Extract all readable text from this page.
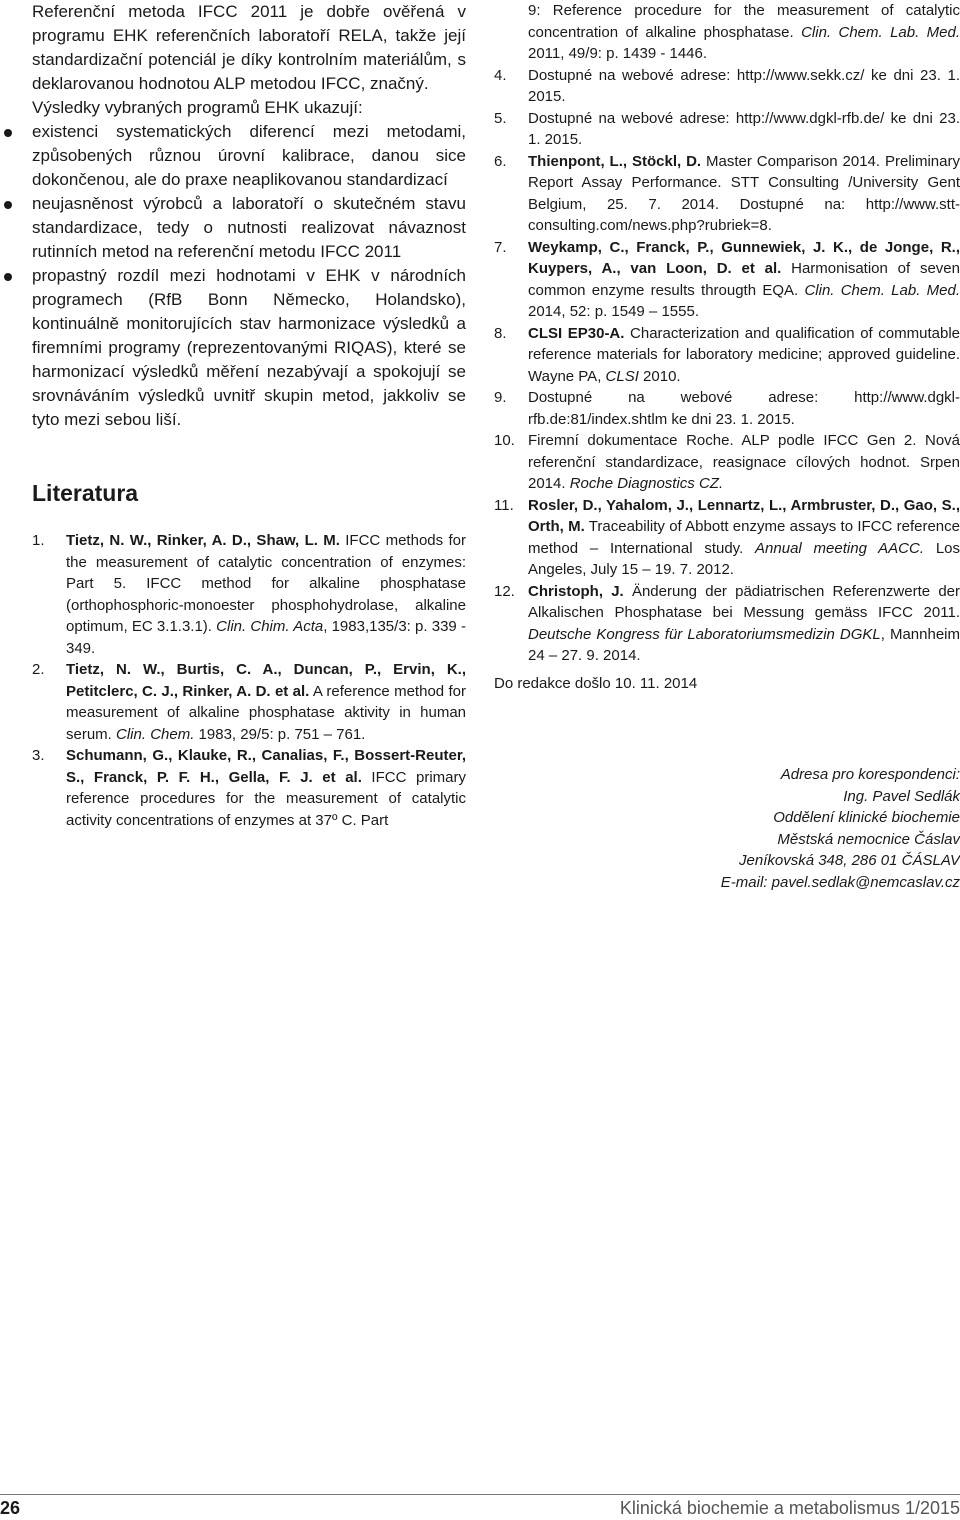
Referenční metoda IFCC 2011 je dobře ověřená v programu EHK referenčních laboratoří RELA, takže její standardizační potenciál je díky kontrolním materiálům, s deklarovanou hodnotou ALP metodou IFCC, značný.

Výsledky vybraných programů EHK ukazují:

existenci systematických diferencí mezi metodami, způsobených různou úrovní kalibrace, danou sice dokončenou, ale do praxe neaplikovanou standardizací
neujasněnost výrobců a laboratoří o skutečném stavu standardizace, tedy o nutnosti realizovat návaznost rutinních metod na referenční metodu IFCC 2011
propastný rozdíl mezi hodnotami v EHK v národních programech (RfB Bonn Německo, Holandsko), kontinuálně monitorujících stav harmonizace výsledků a firemními programy (reprezentovanými RIQAS), které se harmonizací výsledků měření nezabývají a spokojují se srovnáváním výsledků uvnitř skupin metod, jakkoliv se tyto mezi sebou liší.
Literatura
1. Tietz, N. W., Rinker, A. D., Shaw, L. M. IFCC methods for the measurement of catalytic concentration of enzymes: Part 5. IFCC method for alkaline phosphatase (orthophosphoric-monoester phosphohydrolase, alkaline optimum, EC 3.1.3.1). Clin. Chim. Acta, 1983,135/3: p. 339 - 349.
2. Tietz, N. W., Burtis, C. A., Duncan, P., Ervin, K., Petitclerc, C. J., Rinker, A. D. et al. A reference method for measurement of alkaline phosphatase aktivity in human serum. Clin. Chem. 1983, 29/5: p. 751 – 761.
3. Schumann, G., Klauke, R., Canalias, F., Bossert-Reuter, S., Franck, P. F. H., Gella, F. J. et al. IFCC primary reference procedures for the measurement of catalytic activity concentrations of enzymes at 37º C. Part

9: Reference procedure for the measurement of catalytic concentration of alkaline phosphatase. Clin. Chem. Lab. Med. 2011, 49/9: p. 1439 - 1446.

4. Dostupné na webové adrese: http://www.sekk.cz/ ke dni 23. 1. 2015.
5. Dostupné na webové adrese: http://www.dgkl-rfb.de/ ke dni 23. 1. 2015.
6. Thienpont, L., Stöckl, D. Master Comparison 2014. Preliminary Report Assay Performance. STT Consulting /University Gent Belgium, 25. 7. 2014. Dostupné na: http://www.stt-consulting.com/news.php?rubriek=8.
7. Weykamp, C., Franck, P., Gunnewiek, J. K., de Jonge, R., Kuypers, A., van Loon, D. et al. Harmonisation of seven common enzyme results througth EQA. Clin. Chem. Lab. Med. 2014, 52: p. 1549 – 1555.
8. CLSI EP30-A. Characterization and qualification of commutable reference materials for laboratory medicine; approved guideline. Wayne PA, CLSI 2010.
9. Dostupné na webové adrese: http://www.dgkl-rfb.de:81/index.shtlm ke dni 23. 1. 2015.
10. Firemní dokumentace Roche. ALP podle IFCC Gen 2. Nová referenční standardizace, reasignace cílových hodnot. Srpen 2014. Roche Diagnostics CZ.
11. Rosler, D., Yahalom, J., Lennartz, L., Armbruster, D., Gao, S., Orth, M. Traceability of Abbott enzyme assays to IFCC reference method – International study. Annual meeting AACC. Los Angeles, July 15 – 19. 7. 2012.
12. Christoph, J. Änderung der pädiatrischen Referenzwerte der Alkalischen Phosphatase bei Messung gemäss IFCC 2011. Deutsche Kongress für Laboratoriumsmedizin DGKL, Mannheim 24 – 27. 9. 2014.

Do redakce došlo 10. 11. 2014

Adresa pro korespondenci:
Ing. Pavel Sedlák
Oddělení klinické biochemie
Městská nemocnice Čáslav
Jeníkovská 348, 286 01 ČÁSLAV
E-mail: pavel.sedlak@nemcaslav.cz
26	Klinická biochemie a metabolismus 1/2015
